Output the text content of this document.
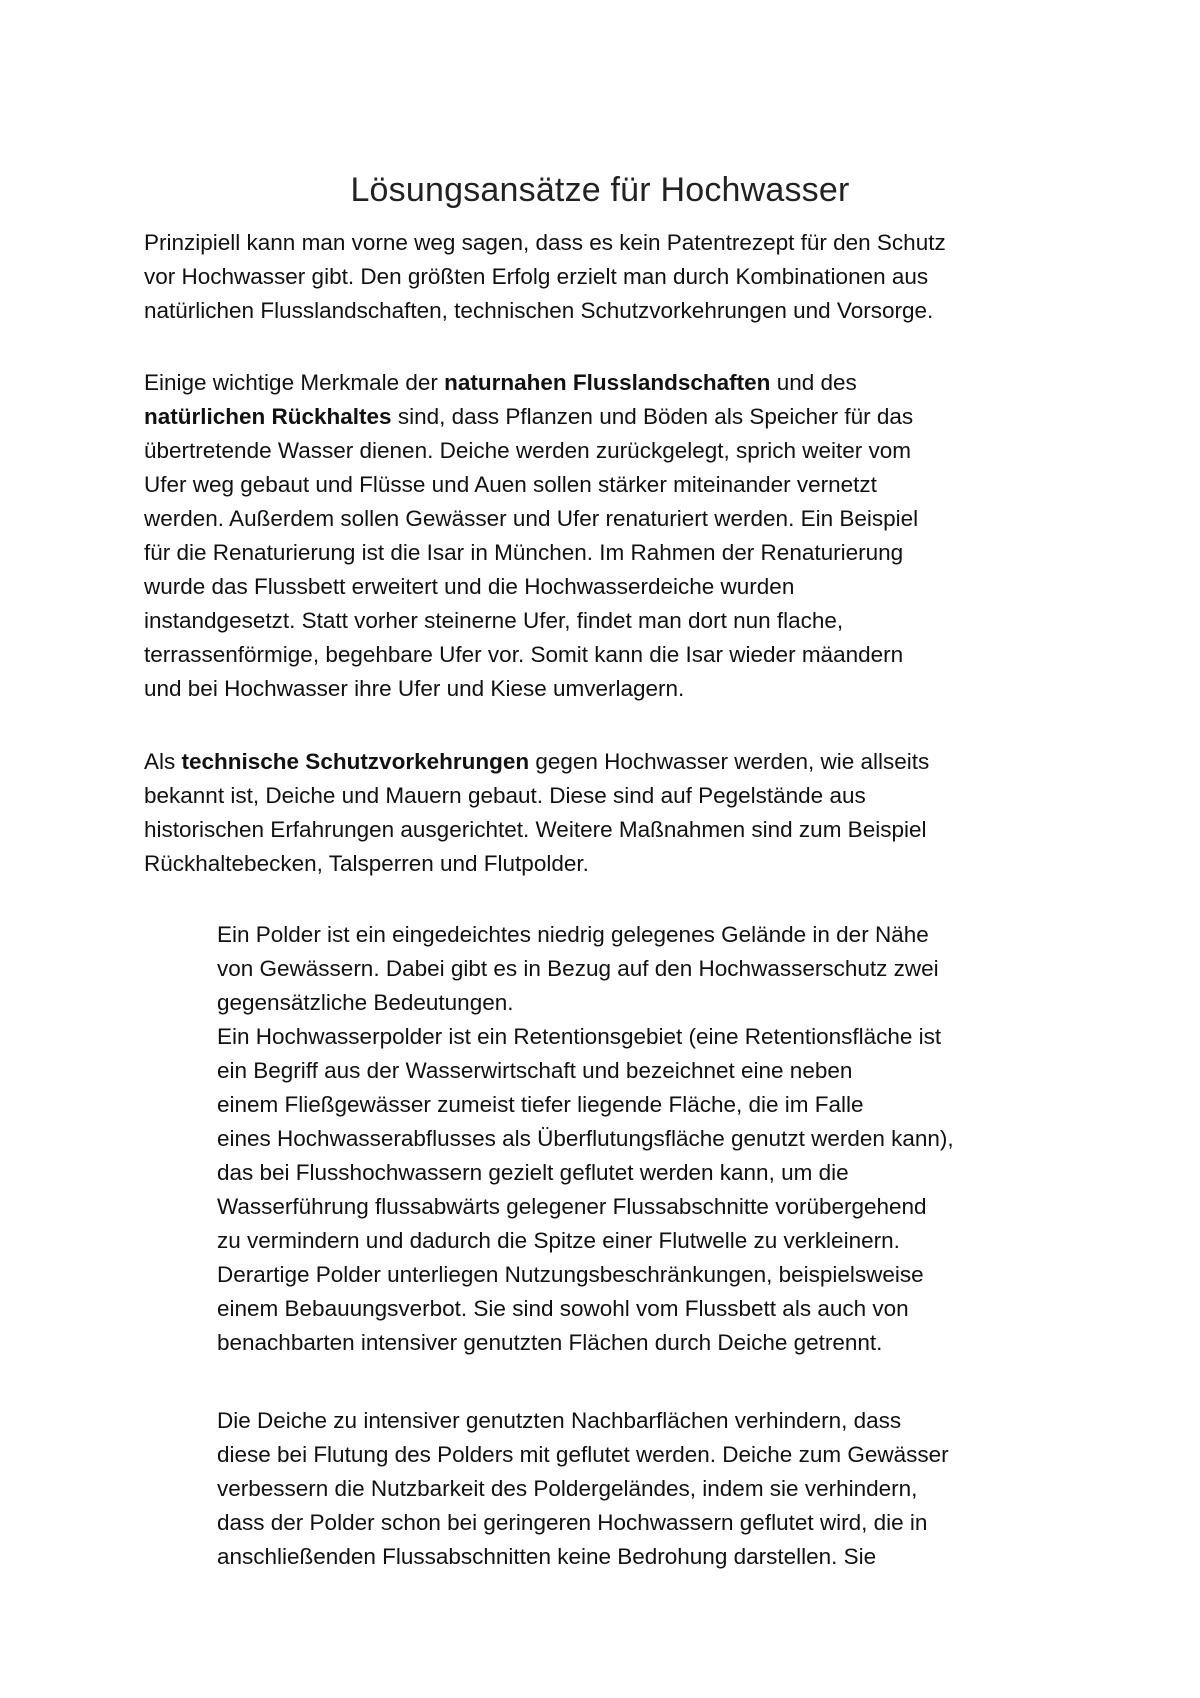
Lösungsansätze für Hochwasser

Prinzipiell kann man vorne weg sagen, dass es kein Patentrezept für den Schutz
vor Hochwasser gibt. Den größten Erfolg erzielt man durch Kombinationen aus
natürlichen Flusslandschaften, technischen Schutzvorkehrungen und Vorsorge.

Einige wichtige Merkmale der naturnahen Flusslandschaften und des
natürlichen Rückhaltes sind, dass Pflanzen und Böden als Speicher für das
übertretende Wasser dienen. Deiche werden zurückgelegt, sprich weiter vom
Ufer weg gebaut und Flüsse und Auen sollen stärker miteinander vernetzt
werden. Außerdem sollen Gewässer und Ufer renaturiert werden. Ein Beispiel
für die Renaturierung ist die Isar in München. Im Rahmen der Renaturierung
wurde das Flussbett erweitert und die Hochwasserdeiche wurden
instandgesetzt. Statt vorher steinerne Ufer, findet man dort nun flache,
terrassenförmige, begehbare Ufer vor. Somit kann die Isar wieder mäandern
und bei Hochwasser ihre Ufer und Kiese umverlagern.

Als technische Schutzvorkehrungen gegen Hochwasser werden, wie allseits
bekannt ist, Deiche und Mauern gebaut. Diese sind auf Pegelstände aus
historischen Erfahrungen ausgerichtet. Weitere Maßnahmen sind zum Beispiel
Rückhaltebecken, Talsperren und Flutpolder.

Ein Polder ist ein eingedeichtes niedrig gelegenes Gelände in der Nähe
von Gewässern. Dabei gibt es in Bezug auf den Hochwasserschutz zwei
gegensätzliche Bedeutungen.
Ein Hochwasserpolder ist ein Retentionsgebiet (eine Retentionsfläche ist
ein Begriff aus der Wasserwirtschaft und bezeichnet eine neben
einem Fließgewässer zumeist tiefer liegende Fläche, die im Falle
eines Hochwasserabflusses als Überflutungsfläche genutzt werden kann),
das bei Flusshochwassern gezielt geflutet werden kann, um die
Wasserführung flussabwärts gelegener Flussabschnitte vorübergehend
zu vermindern und dadurch die Spitze einer Flutwelle zu verkleinern.
Derartige Polder unterliegen Nutzungsbeschränkungen, beispielsweise
einem Bebauungsverbot. Sie sind sowohl vom Flussbett als auch von
benachbarten intensiver genutzten Flächen durch Deiche getrennt.

Die Deiche zu intensiver genutzten Nachbarflächen verhindern, dass
diese bei Flutung des Polders mit geflutet werden. Deiche zum Gewässer
verbessern die Nutzbarkeit des Poldergeländes, indem sie verhindern,
dass der Polder schon bei geringeren Hochwassern geflutet wird, die in
anschließenden Flussabschnitten keine Bedrohung darstellen. Sie
